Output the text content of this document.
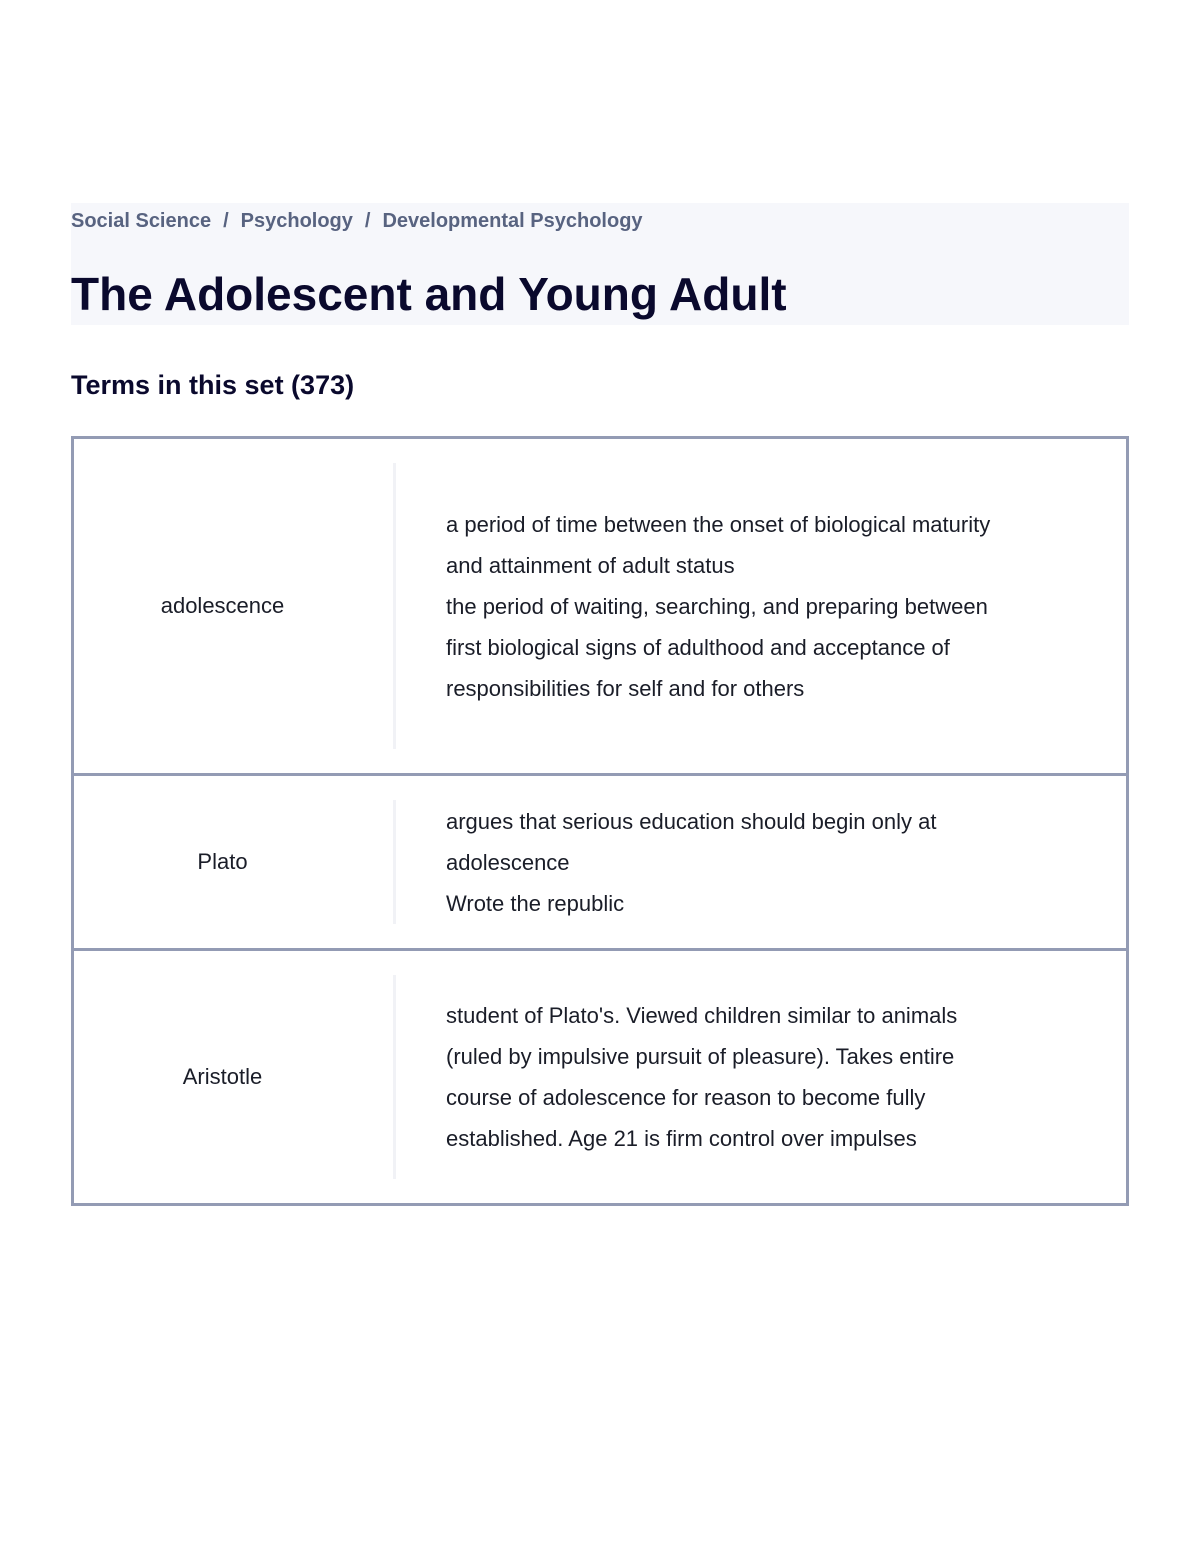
Social Science / Psychology / Developmental Psychology
The Adolescent and Young Adult
Terms in this set (373)
adolescence

a period of time between the onset of biological maturity and attainment of adult status

the period of waiting, searching, and preparing between first biological signs of adulthood and acceptance of responsibilities for self and for others

Plato

argues that serious education should begin only at adolescence

Wrote the republic

Aristotle

student of Plato's. Viewed children similar to animals (ruled by impulsive pursuit of pleasure). Takes entire course of adolescence for reason to become fully established. Age 21 is firm control over impulses
